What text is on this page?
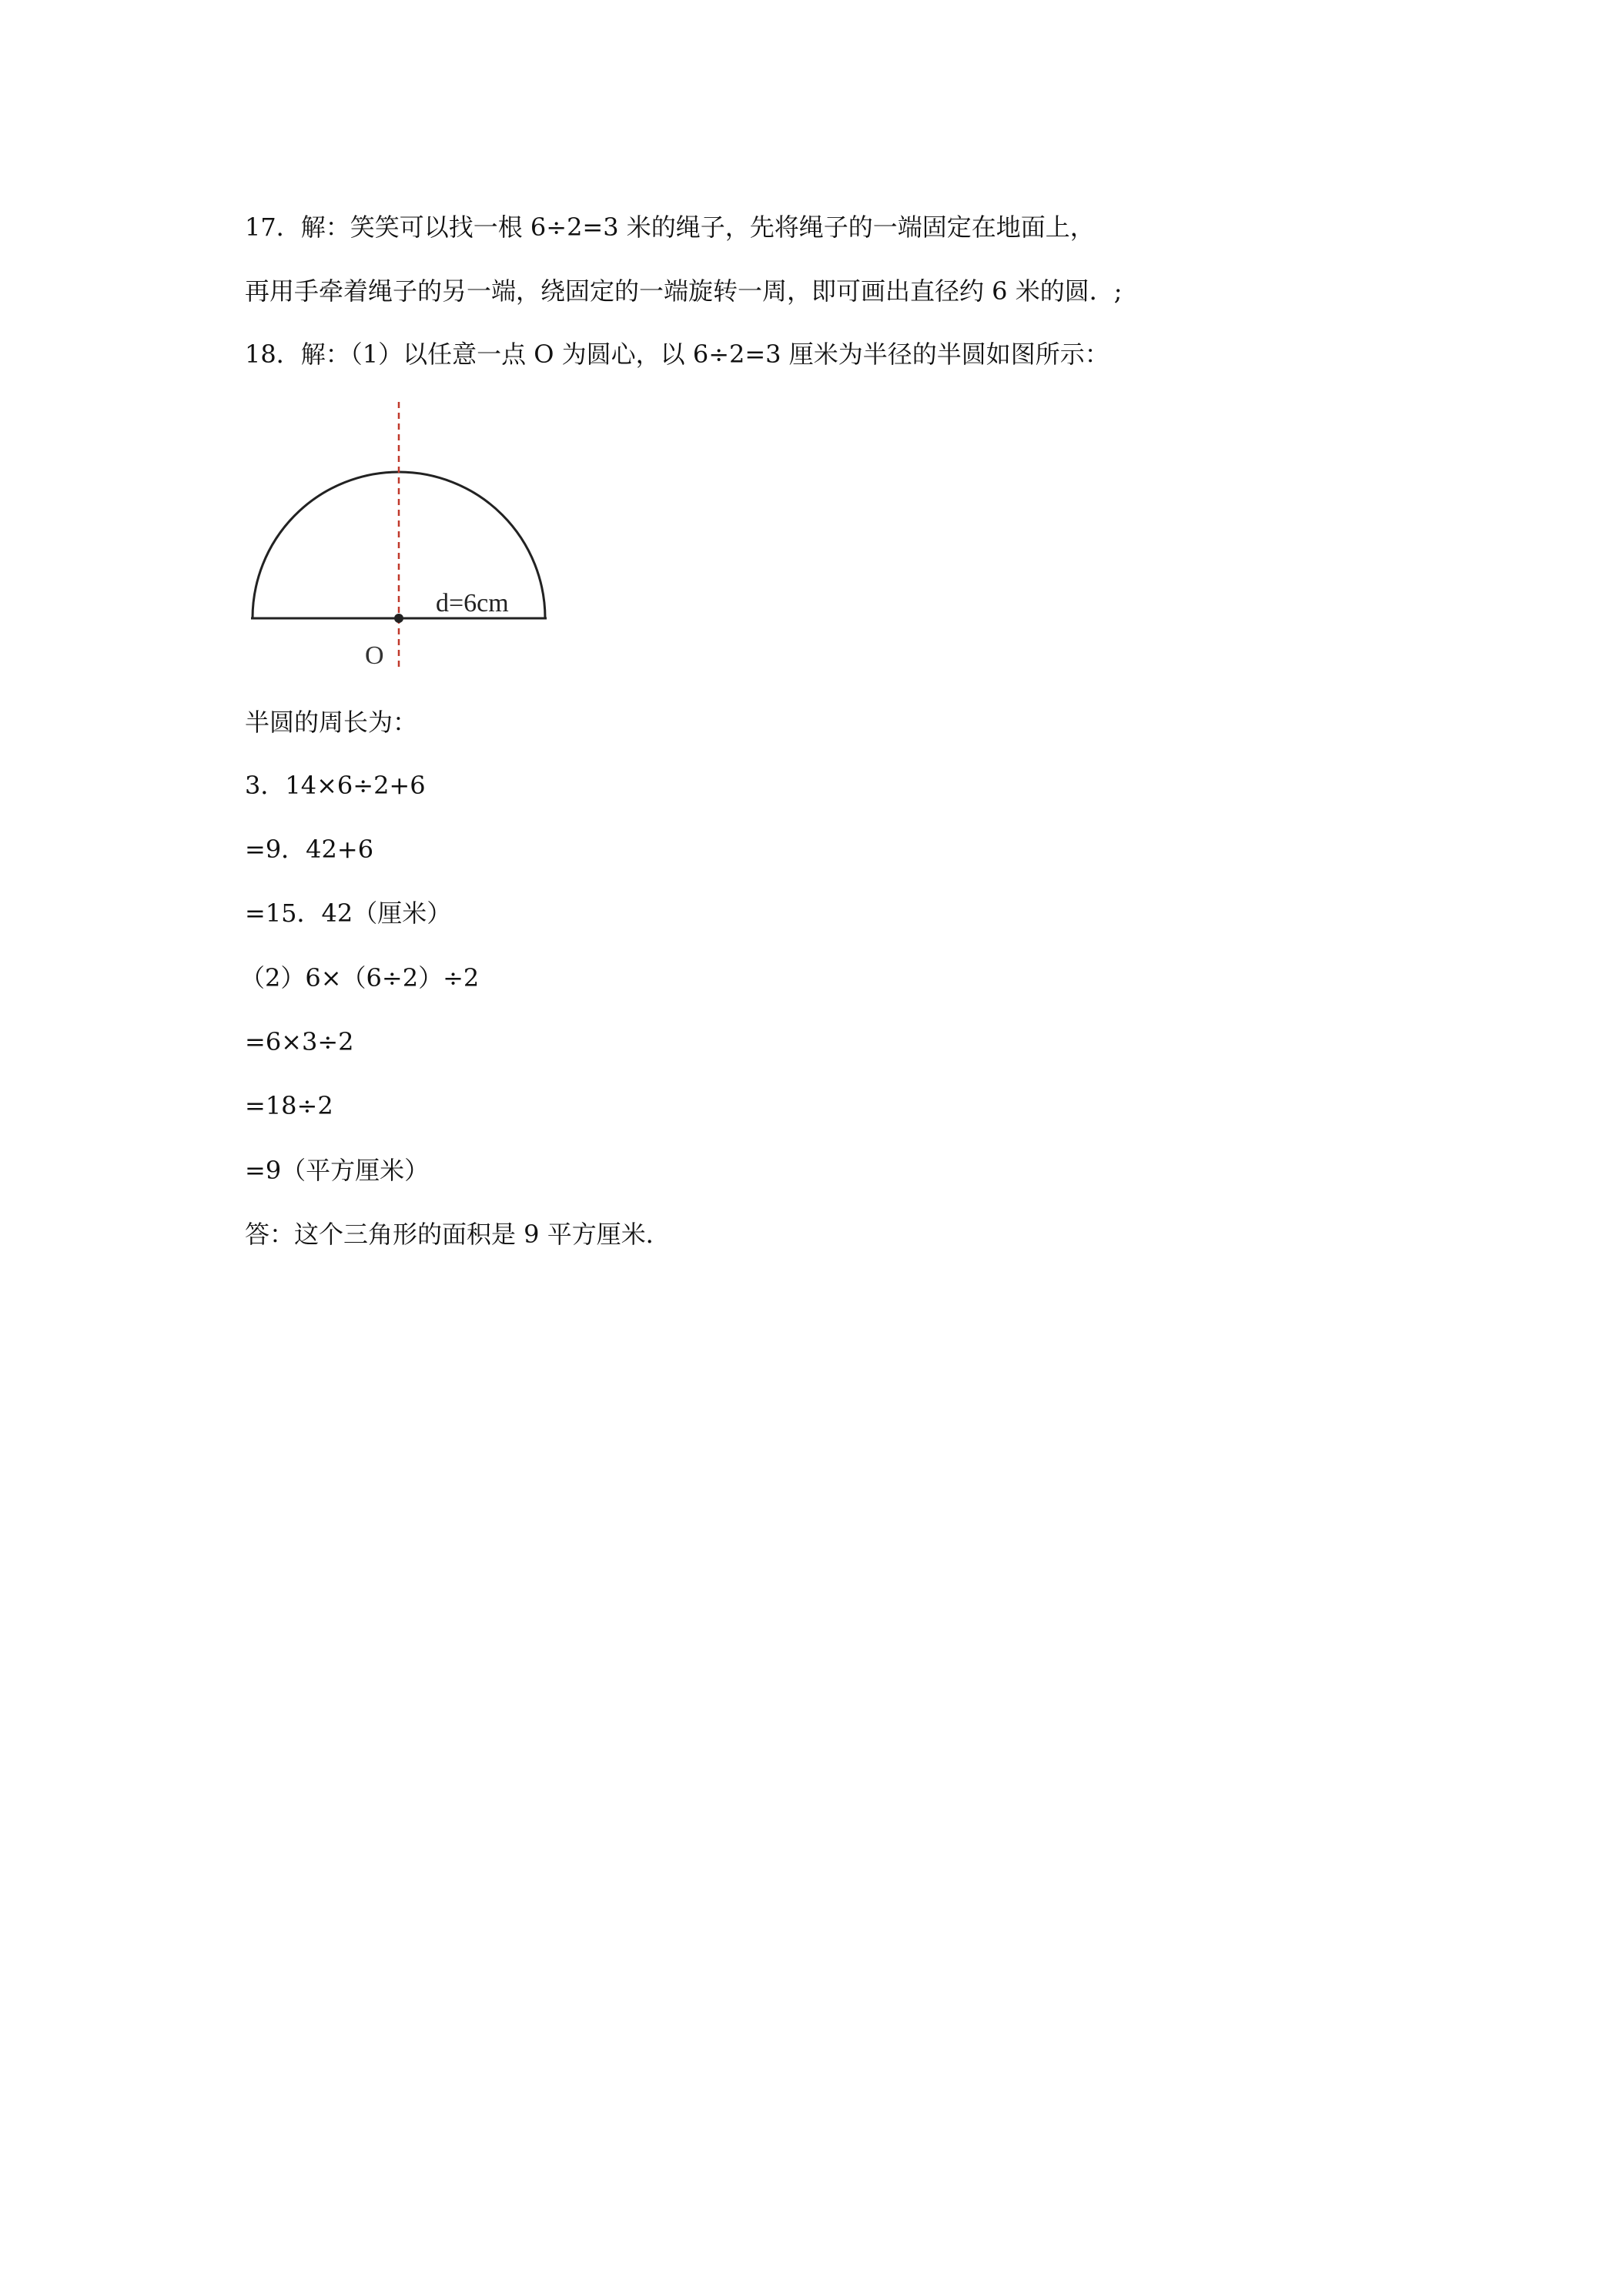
17．解：笑笑可以找一根 6÷2=3 米的绳子，先将绳子的一端固定在地面上，
再用手牵着绳子的另一端，绕固定的一端旋转一周，即可画出直径约 6 米的圆．;
18．解：（1）以任意一点 O 为圆心，以 6÷2=3 厘米为半径的半圆如图所示：
d=6cm
O
半圆的周长为：
3．14×6÷2+6
=9．42+6
=15．42（厘米）
（2）6×（6÷2）÷2
=6×3÷2
=18÷2
=9（平方厘米）
答：这个三角形的面积是 9 平方厘米．
